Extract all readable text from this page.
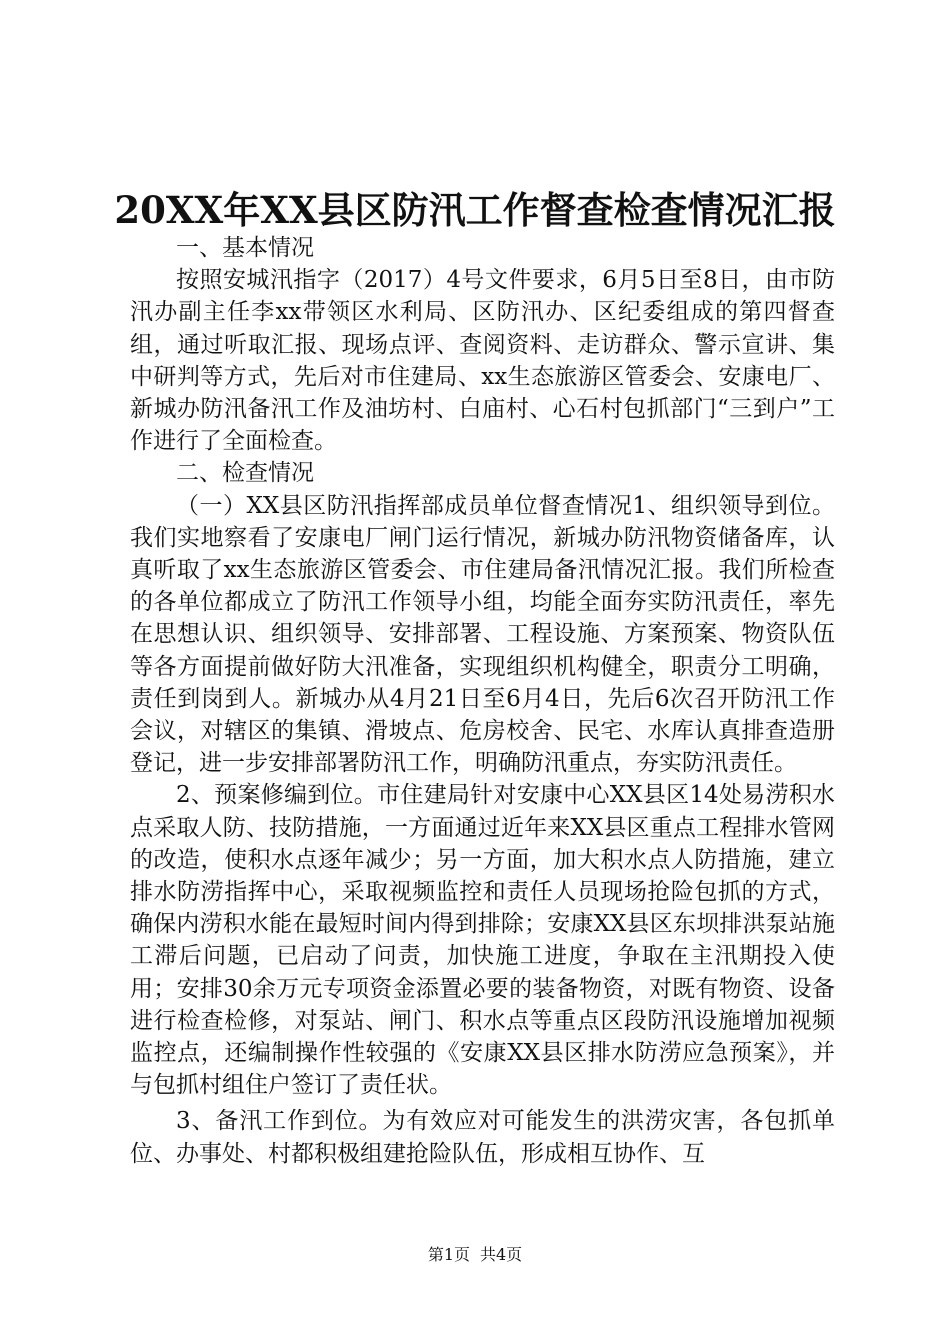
20XX年XX县区防汛工作督查检查情况汇报

一、基本情况

按照安城汛指字（2017）4号文件要求，6月5日至8日，由市防汛办副主任李xx带领区水利局、区防汛办、区纪委组成的第四督查组，通过听取汇报、现场点评、查阅资料、走访群众、警示宣讲、集中研判等方式，先后对市住建局、xx生态旅游区管委会、安康电厂、新城办防汛备汛工作及油坊村、白庙村、心石村包抓部门“三到户”工作进行了全面检查。

二、检查情况

（一）XX县区防汛指挥部成员单位督查情况1、组织领导到位。我们实地察看了安康电厂闸门运行情况，新城办防汛物资储备库，认真听取了xx生态旅游区管委会、市住建局备汛情况汇报。我们所检查的各单位都成立了防汛工作领导小组，均能全面夯实防汛责任，率先在思想认识、组织领导、安排部署、工程设施、方案预案、物资队伍等各方面提前做好防大汛准备，实现组织机构健全，职责分工明确，责任到岗到人。新城办从4月21日至6月4日，先后6次召开防汛工作会议，对辖区的集镇、滑坡点、危房校舍、民宅、水库认真排查造册登记，进一步安排部署防汛工作，明确防汛重点，夯实防汛责任。

2、预案修编到位。市住建局针对安康中心XX县区14处易涝积水点采取人防、技防措施，一方面通过近年来XX县区重点工程排水管网的改造，使积水点逐年减少；另一方面，加大积水点人防措施，建立排水防涝指挥中心，采取视频监控和责任人员现场抢险包抓的方式，确保内涝积水能在最短时间内得到排除；安康XX县区东坝排洪泵站施工滞后问题，已启动了问责，加快施工进度，争取在主汛期投入使用；安排30余万元专项资金添置必要的装备物资，对既有物资、设备进行检查检修，对泵站、闸门、积水点等重点区段防汛设施增加视频监控点，还编制操作性较强的《安康XX县区排水防涝应急预案》，并与包抓村组住户签订了责任状。

3、备汛工作到位。为有效应对可能发生的洪涝灾害，各包抓单位、办事处、村都积极组建抢险队伍，形成相互协作、互

第1页 共4页
